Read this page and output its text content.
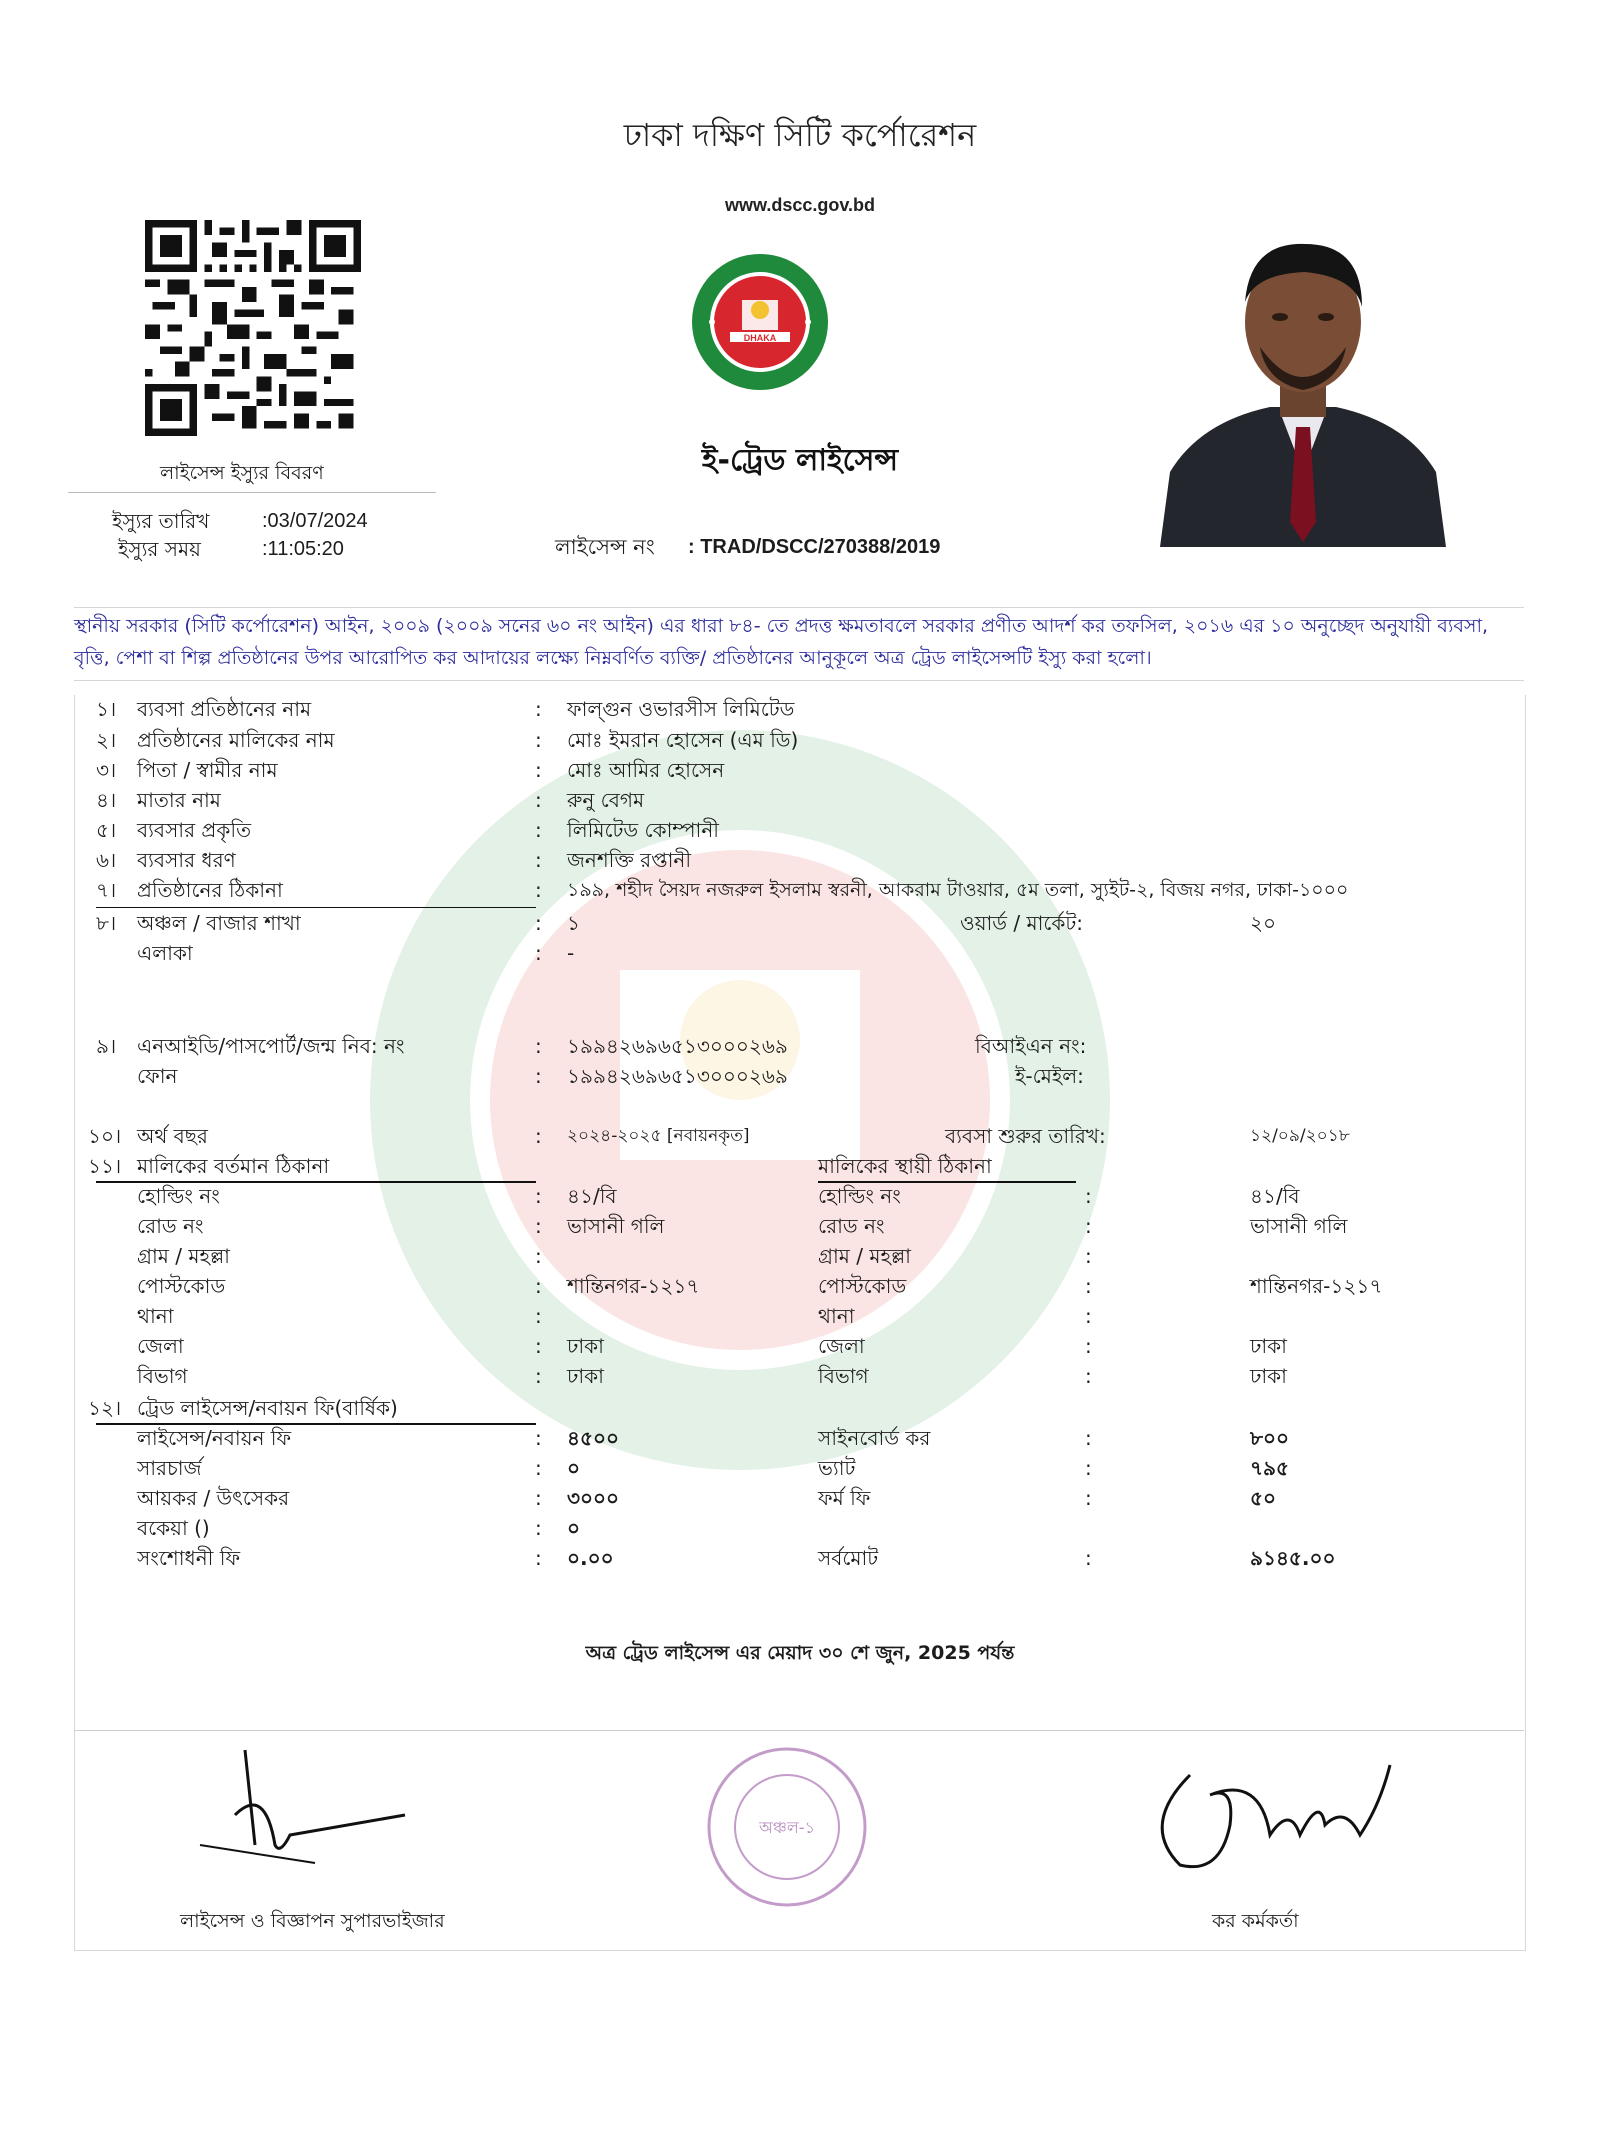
ঢাকা দক্ষিণ সিটি কর্পোরেশন
www.dscc.gov.bd
DHAKA
লাইসেন্স ইস্যুর বিবরণ
ইস্যুর তারিখ	:03/07/2024
ইস্যুর সময়	:11:05:20
ই-ট্রেড লাইসেন্স
লাইসেন্স নং : TRAD/DSCC/270388/2019
স্থানীয় সরকার (সিটি কর্পোরেশন) আইন, ২০০৯ (২০০৯ সনের ৬০ নং আইন) এর ধারা ৮৪- তে প্রদত্ত ক্ষমতাবলে সরকার প্রণীত আদর্শ কর তফসিল, ২০১৬ এর ১০ অনুচ্ছেদ অনুযায়ী ব্যবসা, বৃত্তি, পেশা বা শিল্প প্রতিষ্ঠানের উপর আরোপিত কর আদায়ের লক্ষ্যে নিম্নবর্ণিত ব্যক্তি/ প্রতিষ্ঠানের আনুকূলে অত্র ট্রেড লাইসেন্সটি ইস্যু করা হলো।
১। ব্যবসা প্রতিষ্ঠানের নাম	: ফাল্গুন ওভারসীস লিমিটেড
২। প্রতিষ্ঠানের মালিকের নাম	: মোঃ ইমরান হোসেন (এম ডি)
৩। পিতা / স্বামীর নাম	: মোঃ আমির হোসেন
৪। মাতার নাম	: রুনু বেগম
৫। ব্যবসার প্রকৃতি	: লিমিটেড কোম্পানী
৬। ব্যবসার ধরণ	: জনশক্তি রপ্তানী
৭। প্রতিষ্ঠানের ঠিকানা	: ১৯৯, শহীদ সৈয়দ নজরুল ইসলাম স্বরনী, আকরাম টাওয়ার, ৫ম তলা, স্যুইট-২, বিজয় নগর, ঢাকা-১০০০
৮। অঞ্চল / বাজার শাখা	: ১	ওয়ার্ড / মার্কেট:	২০
এলাকা	: -
৯। এনআইডি/পাসপোর্ট/জন্ম নিব: নং	: ১৯৯৪২৬৯৬৫১৩০০০২৬৯	বিআইএন নং:
ফোন	: ১৯৯৪২৬৯৬৫১৩০০০২৬৯	ই-মেইল:
১০। অর্থ বছর	: ২০২৪-২০২৫ [নবায়নকৃত]	ব্যবসা শুরুর তারিখ:	১২/০৯/২০১৮
১১। মালিকের বর্তমান ঠিকানা	মালিকের স্থায়ী ঠিকানা
হোল্ডিং নং	: ৪১/বি	হোল্ডিং নং	:	৪১/বি
রোড নং	: ভাসানী গলি	রোড নং	:	ভাসানী গলি
গ্রাম / মহল্লা	:	গ্রাম / মহল্লা	:
পোস্টকোড	: শান্তিনগর-১২১৭	পোস্টকোড	:	শান্তিনগর-১২১৭
থানা	:	থানা	:
জেলা	: ঢাকা	জেলা	:	ঢাকা
বিভাগ	: ঢাকা	বিভাগ	:	ঢাকা
১২। ট্রেড লাইসেন্স/নবায়ন ফি(বার্ষিক)
লাইসেন্স/নবায়ন ফি	: ৪৫০০	সাইনবোর্ড কর	:	৮০০
সারচার্জ	: ০	ভ্যাট	:	৭৯৫
আয়কর / উৎসেকর	: ৩০০০	ফর্ম ফি	:	৫০
বকেয়া ()	: ০
সংশোধনী ফি	: ০.০০	সর্বমোট	:	৯১৪৫.০০
অত্র ট্রেড লাইসেন্স এর মেয়াদ ৩০ শে জুন, 2025 পর্যন্ত
অঞ্চল-১
লাইসেন্স ও বিজ্ঞাপন সুপারভাইজার	কর কর্মকর্তা
